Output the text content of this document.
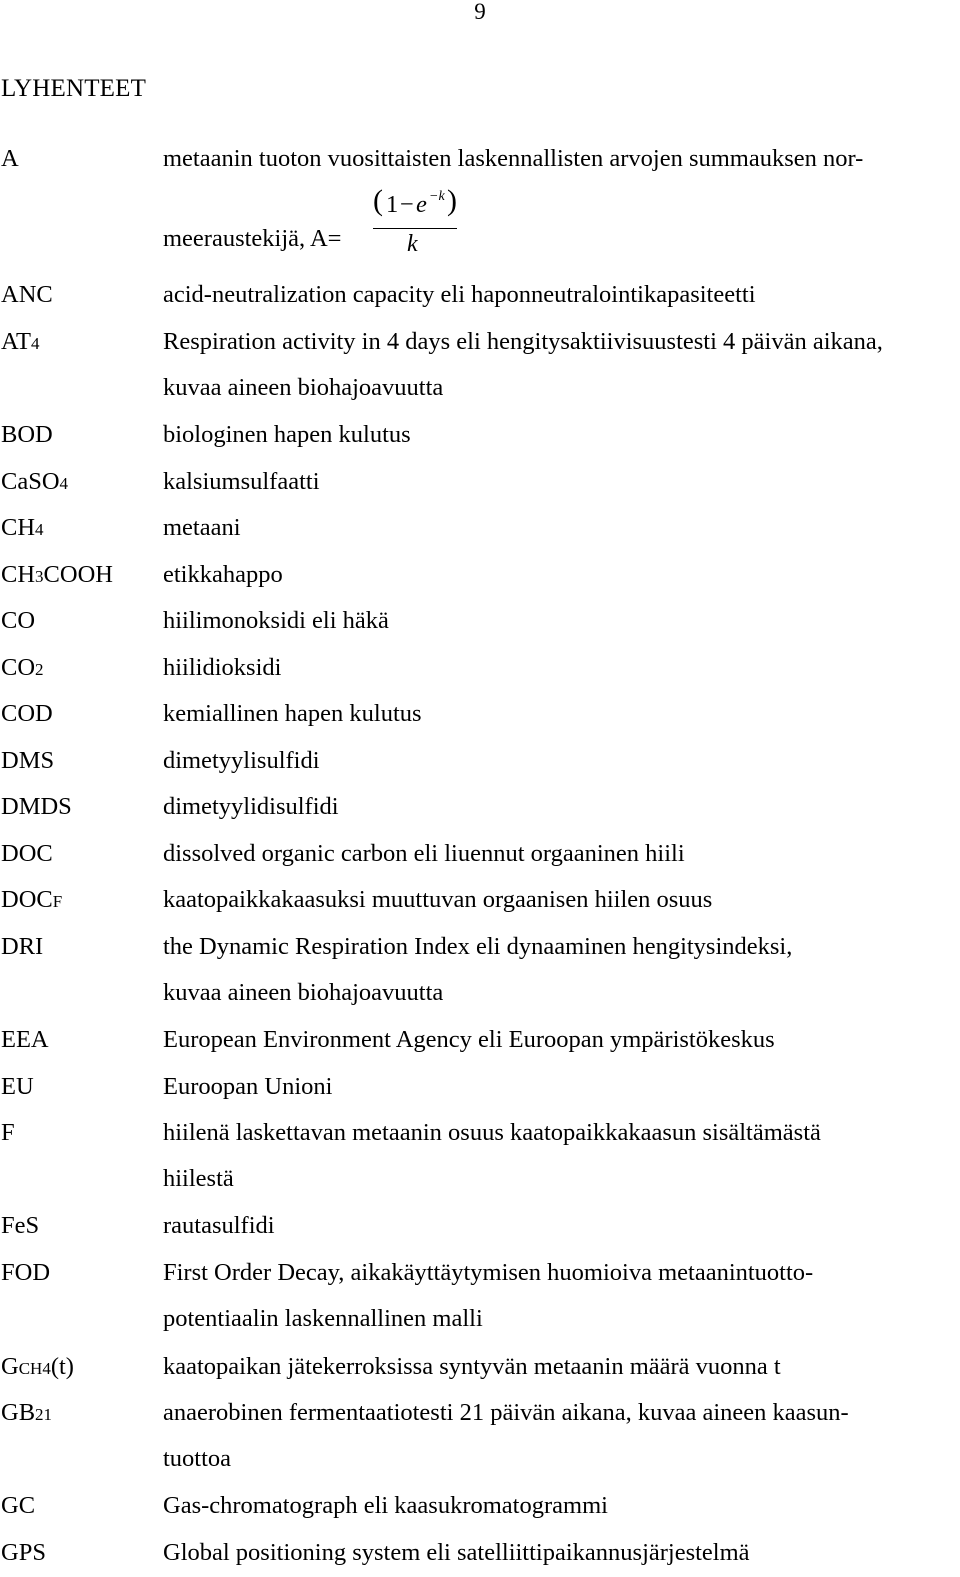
9
LYHENTEET
A	metaanin tuoton vuosittaisten laskennallisten arvojen summauksen nor-
meeraustekijä, A=
ANC	acid-neutralization capacity eli haponneutralointikapasiteetti
AT4	Respiration activity in 4 days eli hengitysaktiivisuustesti 4 päivän aikana,
kuvaa aineen biohajoavuutta
BOD	biologinen hapen kulutus
CaSO4	kalsiumsulfaatti
CH4	metaani
CH3COOH etikkahappo
CO	hiilimonoksidi eli häkä
CO2	hiilidioksidi
COD	kemiallinen hapen kulutus
DMS	dimetyylisulfidi
DMDS	dimetyylidisulfidi
DOC	dissolved organic carbon eli liuennut orgaaninen hiili
DOCF	kaatopaikkakaasuksi muuttuvan orgaanisen hiilen osuus
DRI	the Dynamic Respiration Index eli dynaaminen hengitysindeksi,
kuvaa aineen biohajoavuutta
EEA	European Environment Agency eli Euroopan ympäristökeskus
EU	Euroopan Unioni
F	hiilenä laskettavan metaanin osuus kaatopaikkakaasun sisältämästä
hiilestä
FeS	rautasulfidi
FOD	First Order Decay, aikakäyttäytymisen huomioiva metaanintuotto-
potentiaalin laskennallinen malli
GCH4(t)	kaatopaikan jätekerroksissa syntyvän metaanin määrä vuonna t
GB21	anaerobinen fermentaatiotesti 21 päivän aikana, kuvaa aineen kaasun-
tuottoa
GC	Gas-chromatograph eli kaasukromatogrammi
GPS	Global positioning system eli satelliittipaikannusjärjestelmä
( 1 − e −k )
k
